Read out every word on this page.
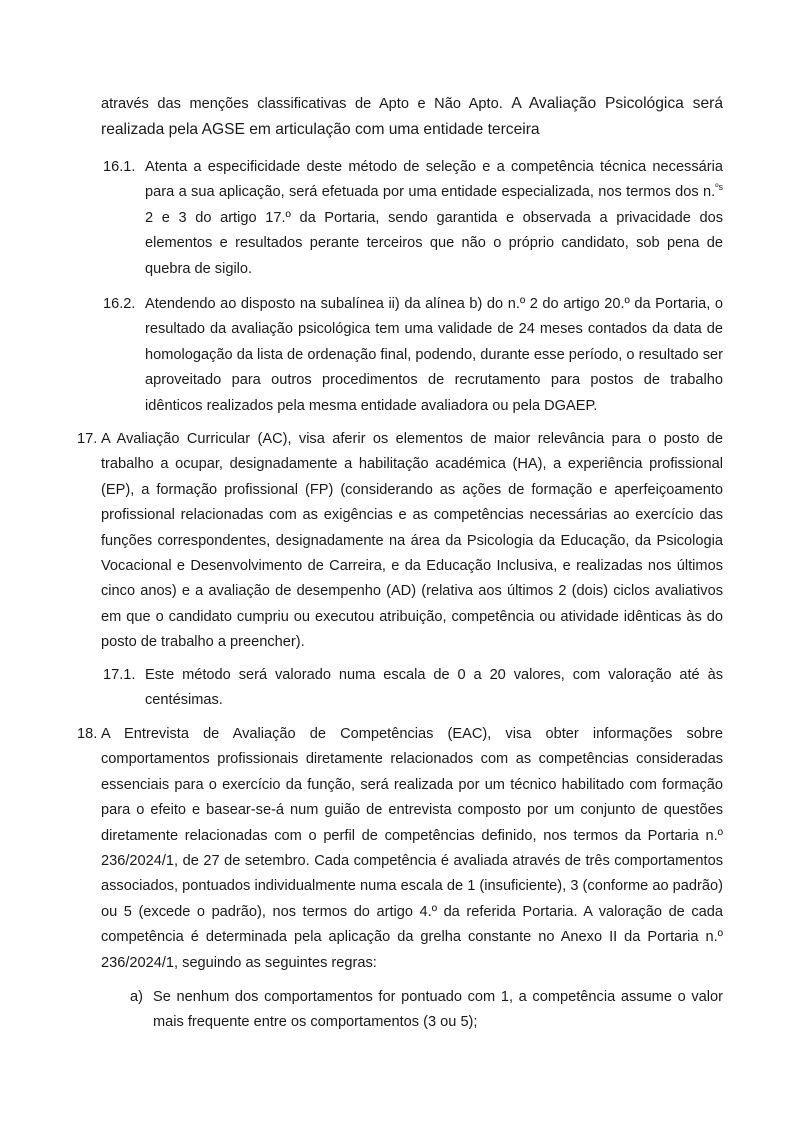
através das menções classificativas de Apto e Não Apto. A Avaliação Psicológica será realizada pela AGSE em articulação com uma entidade terceira

16.1. Atenta a especificidade deste método de seleção e a competência técnica necessária para a sua aplicação, será efetuada por uma entidade especializada, nos termos dos n.$^{ºs}$ 2 e 3 do artigo 17.º da Portaria, sendo garantida e observada a privacidade dos elementos e resultados perante terceiros que não o próprio candidato, sob pena de quebra de sigilo.

16.2. Atendendo ao disposto na subalínea ii) da alínea b) do n.º 2 do artigo 20.º da Portaria, o resultado da avaliação psicológica tem uma validade de 24 meses contados da data de homologação da lista de ordenação final, podendo, durante esse período, o resultado ser aproveitado para outros procedimentos de recrutamento para postos de trabalho idênticos realizados pela mesma entidade avaliadora ou pela DGAEP.

17. A Avaliação Curricular (AC), visa aferir os elementos de maior relevância para o posto de trabalho a ocupar, designadamente a habilitação académica (HA), a experiência profissional (EP), a formação profissional (FP) (considerando as ações de formação e aperfeiçoamento profissional relacionadas com as exigências e as competências necessárias ao exercício das funções correspondentes, designadamente na área da Psicologia da Educação, da Psicologia Vocacional e Desenvolvimento de Carreira, e da Educação Inclusiva, e realizadas nos últimos cinco anos) e a avaliação de desempenho (AD) (relativa aos últimos 2 (dois) ciclos avaliativos em que o candidato cumpriu ou executou atribuição, competência ou atividade idênticas às do posto de trabalho a preencher).

17.1. Este método será valorado numa escala de 0 a 20 valores, com valoração até às centésimas.

18. A Entrevista de Avaliação de Competências (EAC), visa obter informações sobre comportamentos profissionais diretamente relacionados com as competências consideradas essenciais para o exercício da função, será realizada por um técnico habilitado com formação para o efeito e basear-se-á num guião de entrevista composto por um conjunto de questões diretamente relacionadas com o perfil de competências definido, nos termos da Portaria n.º 236/2024/1, de 27 de setembro. Cada competência é avaliada através de três comportamentos associados, pontuados individualmente numa escala de 1 (insuficiente), 3 (conforme ao padrão) ou 5 (excede o padrão), nos termos do artigo 4.º da referida Portaria. A valoração de cada competência é determinada pela aplicação da grelha constante no Anexo II da Portaria n.º 236/2024/1, seguindo as seguintes regras:

a) Se nenhum dos comportamentos for pontuado com 1, a competência assume o valor mais frequente entre os comportamentos (3 ou 5);
